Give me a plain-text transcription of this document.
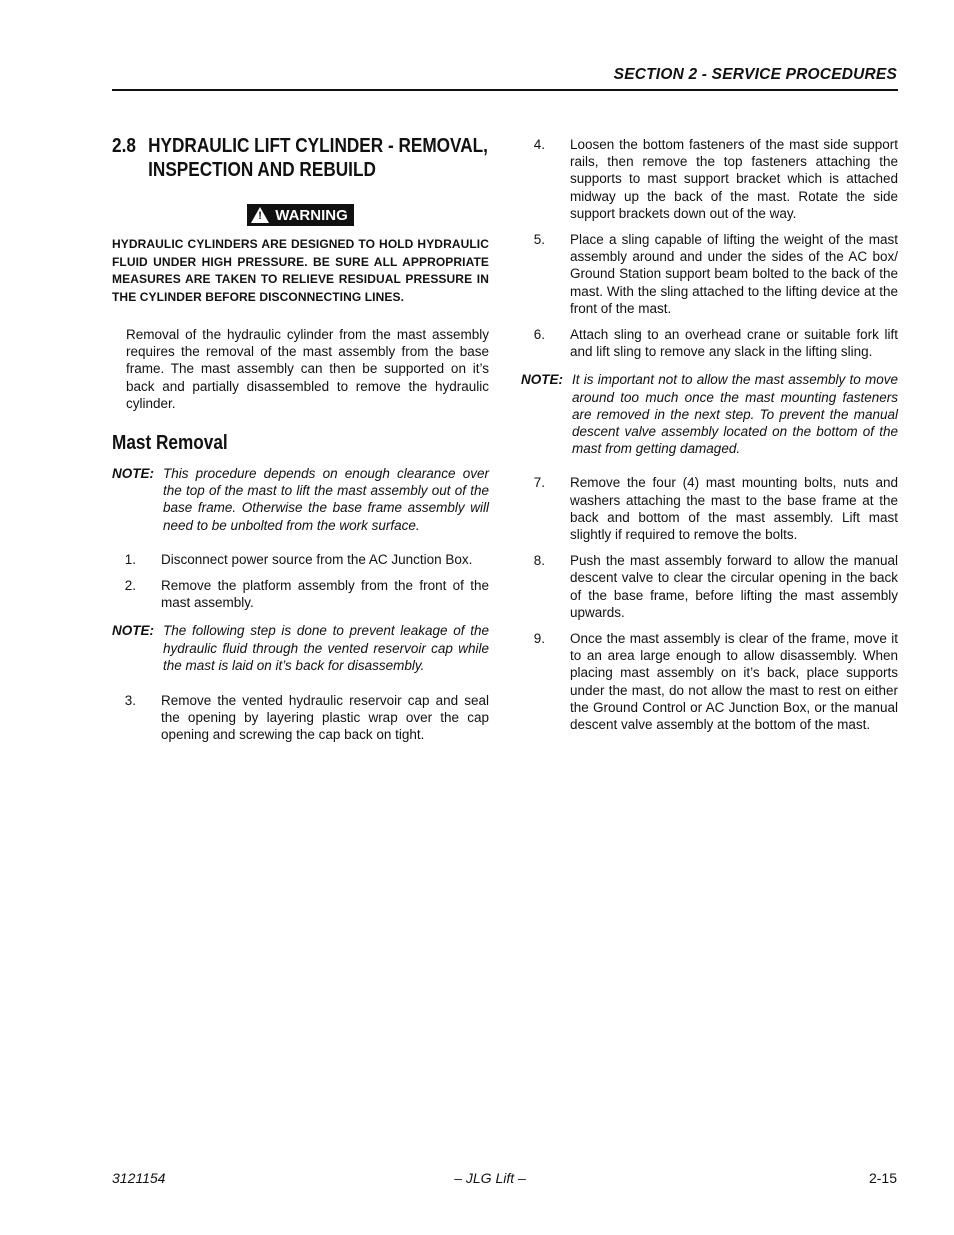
SECTION 2 - SERVICE PROCEDURES
2.8 HYDRAULIC LIFT CYLINDER - REMOVAL, INSPECTION AND REBUILD
! WARNING
HYDRAULIC CYLINDERS ARE DESIGNED TO HOLD HYDRAULIC FLUID UNDER HIGH PRESSURE. BE SURE ALL APPROPRIATE MEASURES ARE TAKEN TO RELIEVE RESIDUAL PRESSURE IN THE CYLINDER BEFORE DISCONNECTING LINES.

Removal of the hydraulic cylinder from the mast assembly requires the removal of the mast assembly from the base frame. The mast assembly can then be supported on it’s back and partially disassembled to remove the hydraulic cylinder.

Mast Removal
NOTE: This procedure depends on enough clearance over the top of the mast to lift the mast assembly out of the base frame. Otherwise the base frame assembly will need to be unbolted from the work surface.
1. Disconnect power source from the AC Junction Box.
2. Remove the platform assembly from the front of the mast assembly.
NOTE: The following step is done to prevent leakage of the hydraulic fluid through the vented reservoir cap while the mast is laid on it’s back for disassembly.
3. Remove the vented hydraulic reservoir cap and seal the opening by layering plastic wrap over the cap opening and screwing the cap back on tight.
4. Loosen the bottom fasteners of the mast side support rails, then remove the top fasteners attaching the supports to mast support bracket which is attached midway up the back of the mast. Rotate the side support brackets down out of the way.
5. Place a sling capable of lifting the weight of the mast assembly around and under the sides of the AC box/ Ground Station support beam bolted to the back of the mast. With the sling attached to the lifting device at the front of the mast.
6. Attach sling to an overhead crane or suitable fork lift and lift sling to remove any slack in the lifting sling.
NOTE: It is important not to allow the mast assembly to move around too much once the mast mounting fasteners are removed in the next step. To prevent the manual descent valve assembly located on the bottom of the mast from getting damaged.
7. Remove the four (4) mast mounting bolts, nuts and washers attaching the mast to the base frame at the back and bottom of the mast assembly. Lift mast slightly if required to remove the bolts.
8. Push the mast assembly forward to allow the manual descent valve to clear the circular opening in the back of the base frame, before lifting the mast assembly upwards.
9. Once the mast assembly is clear of the frame, move it to an area large enough to allow disassembly. When placing mast assembly on it’s back, place supports under the mast, do not allow the mast to rest on either the Ground Control or AC Junction Box, or the manual descent valve assembly at the bottom of the mast.
3121154	– JLG Lift –	2-15
